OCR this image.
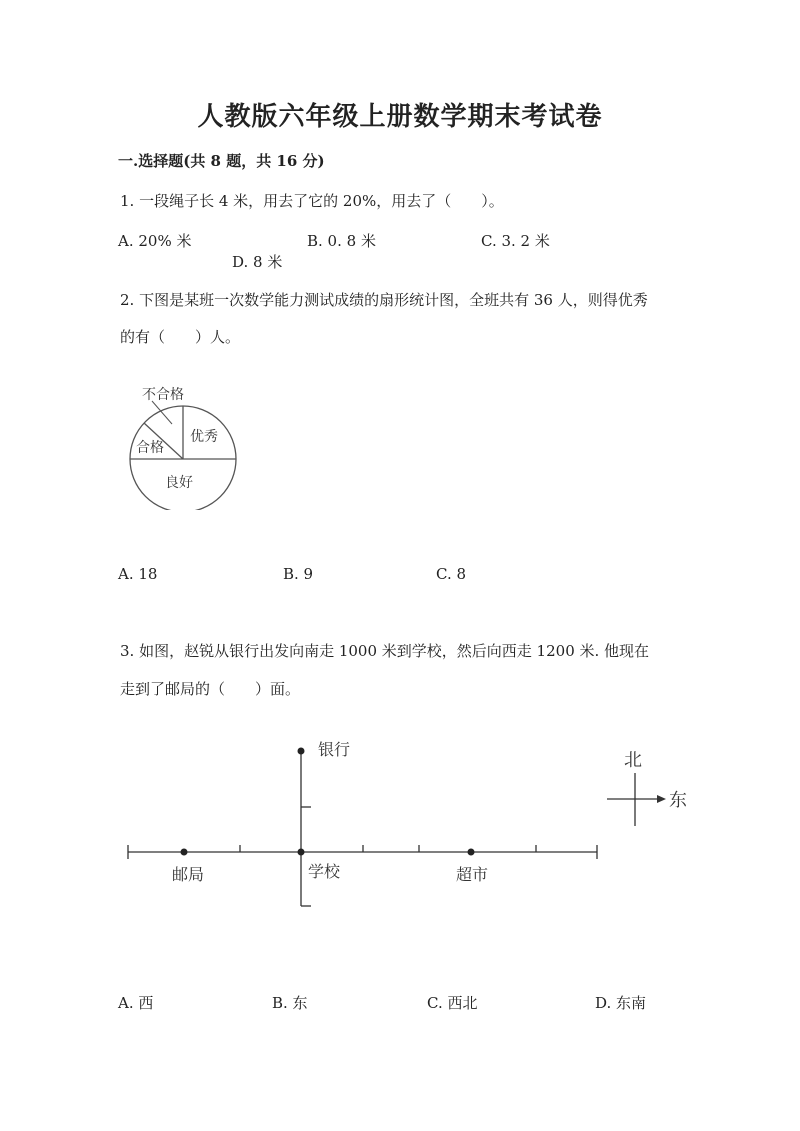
人教版六年级上册数学期末考试卷
一.选择题(共 8 题，共 16 分)
1. 一段绳子长 4 米，用去了它的 20%，用去了（　　）。
A. 20% 米	B. 0. 8 米	C. 3. 2 米
D. 8 米
2. 下图是某班一次数学能力测试成绩的扇形统计图，全班共有 36 人，则得优秀
的有（　　）人。
不合格
合格
优秀
良好
A. 18	B. 9	C. 8
3. 如图，赵锐从银行出发向南走 1000 米到学校，然后向西走 1200 米. 他现在
走到了邮局的（　　）面。
银行
邮局	学校	超市
北
东
A. 西	B. 东	C. 西北	D. 东南
